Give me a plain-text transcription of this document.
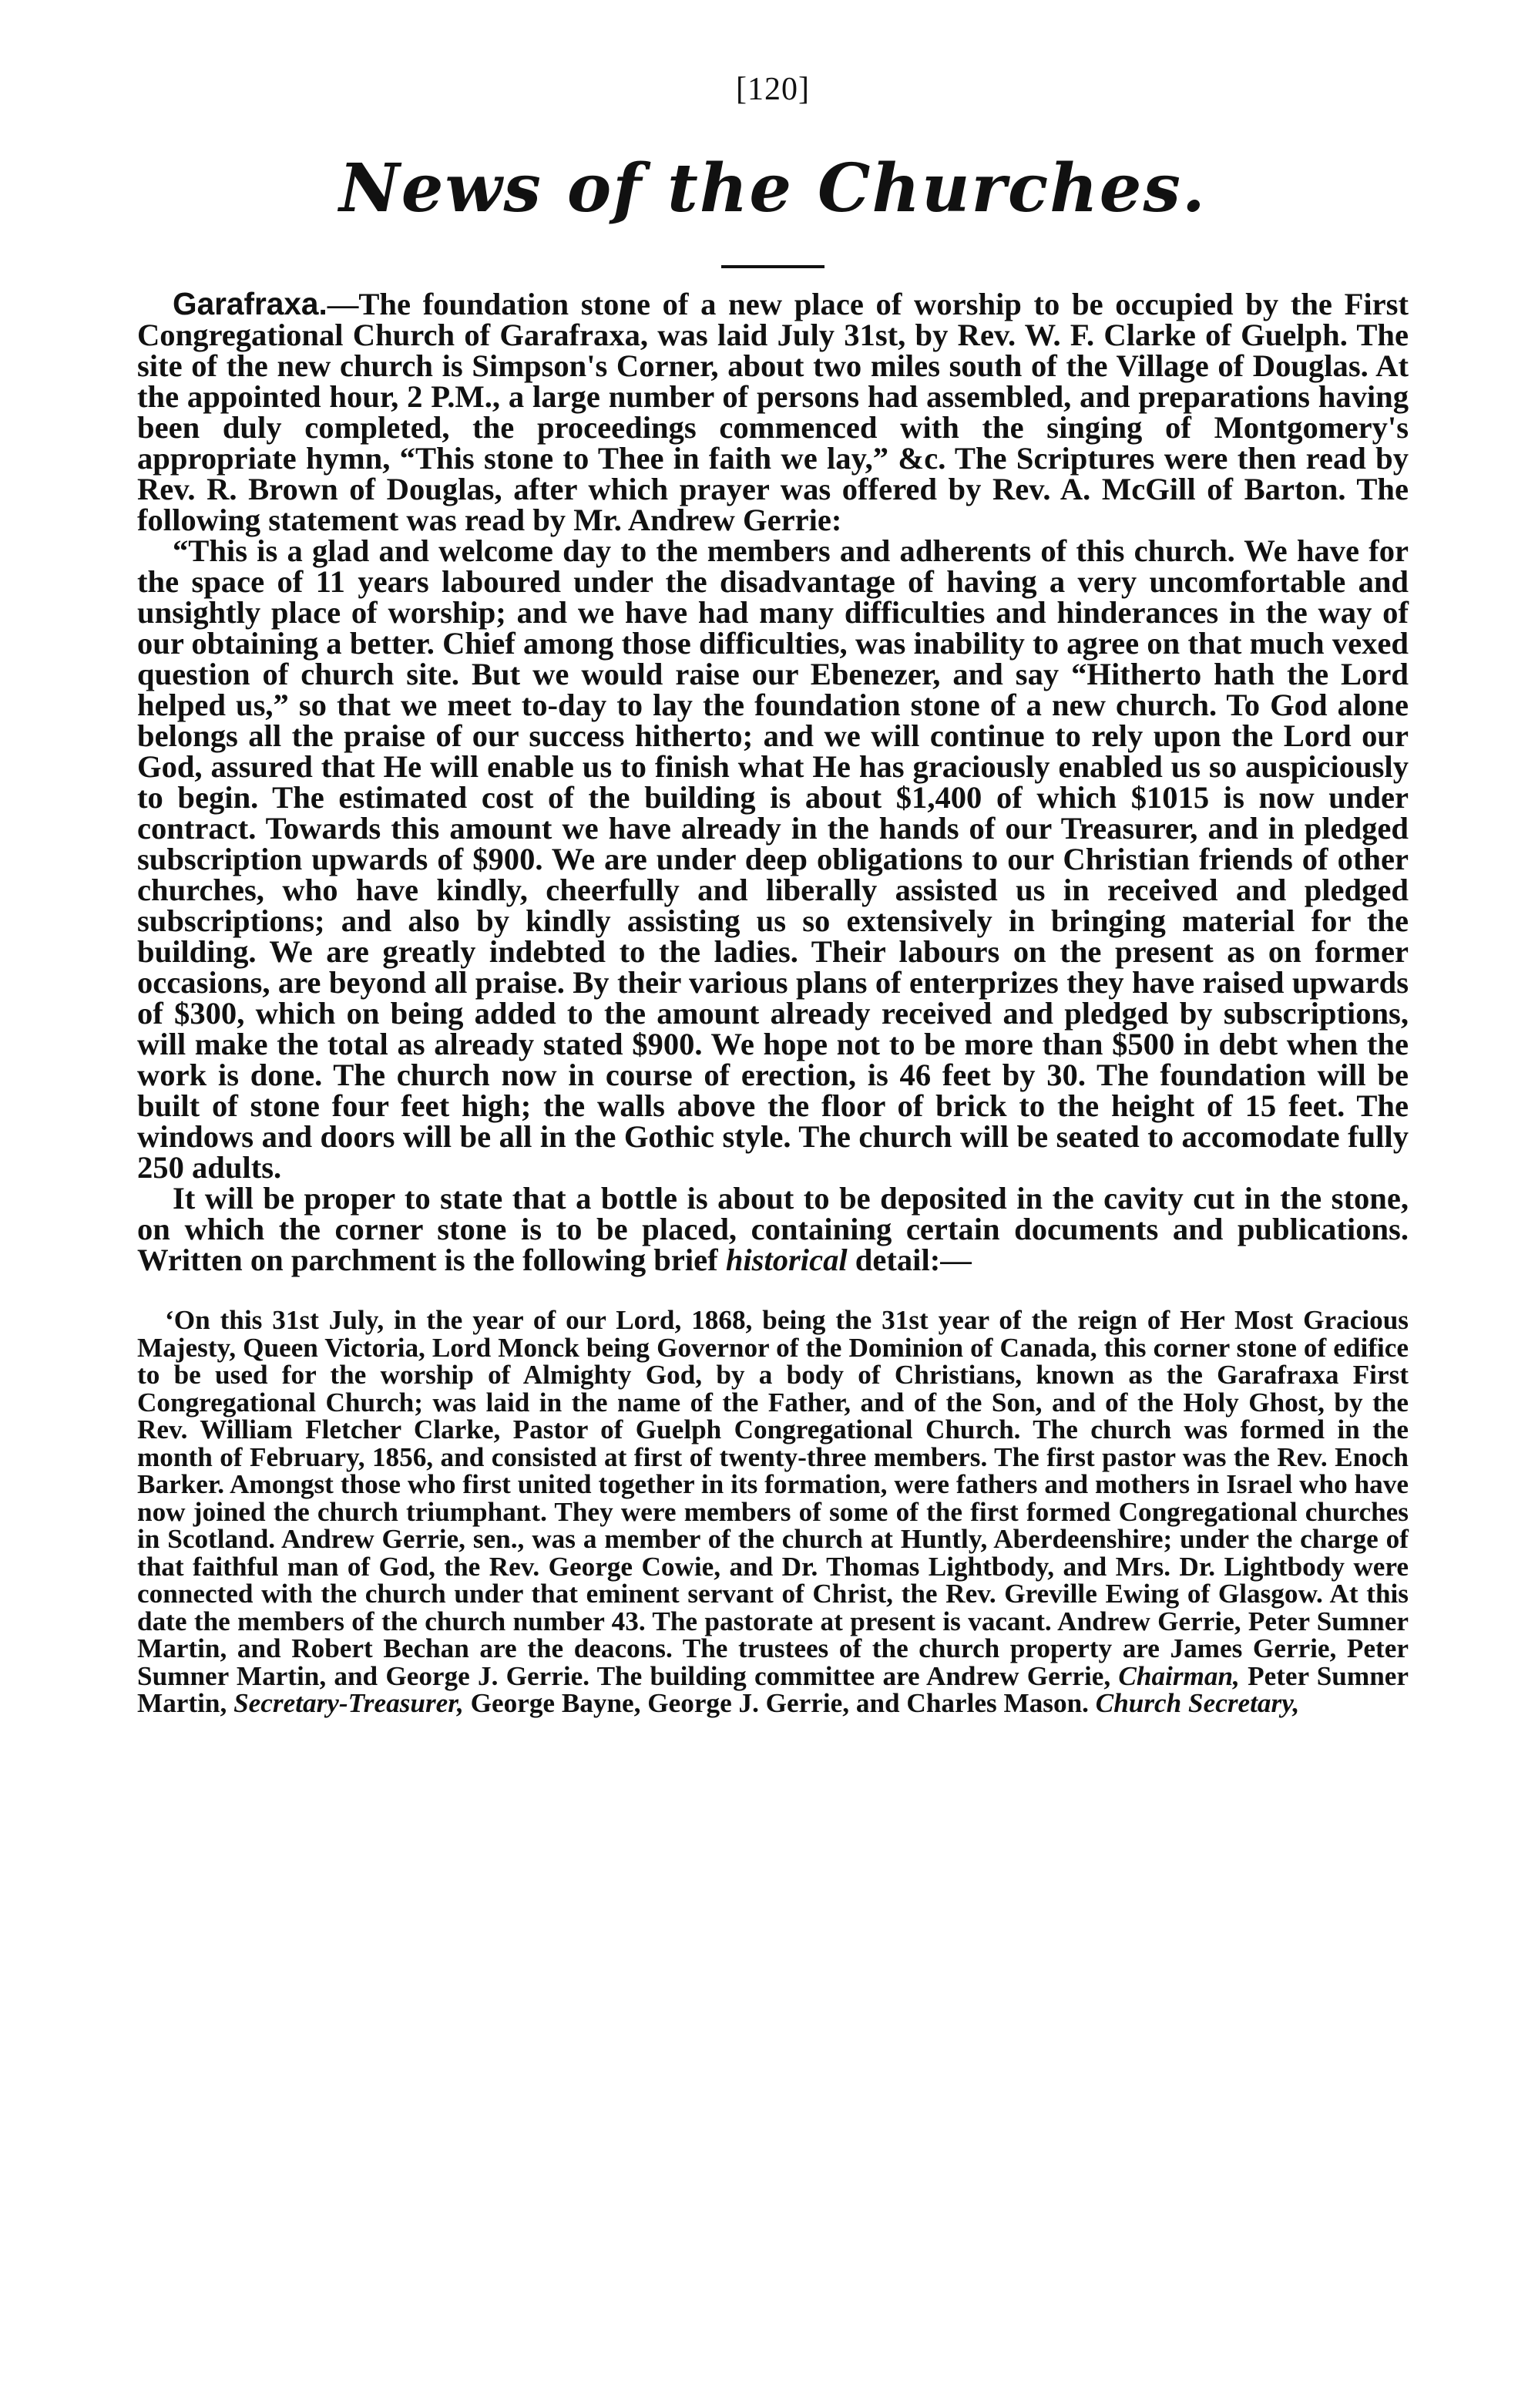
[120]
News of the Churches.

Garafraxa.—The foundation stone of a new place of worship to be occupied by the First Congregational Church of Garafraxa, was laid July 31st, by Rev. W. F. Clarke of Guelph. The site of the new church is Simpson's Corner, about two miles south of the Village of Douglas. At the appointed hour, 2 P.M., a large number of persons had assembled, and preparations having been duly completed, the proceedings commenced with the singing of Montgomery's appropriate hymn, “This stone to Thee in faith we lay,” &c. The Scriptures were then read by Rev. R. Brown of Douglas, after which prayer was offered by Rev. A. McGill of Barton. The following statement was read by Mr. Andrew Gerrie:

“This is a glad and welcome day to the members and adherents of this church. We have for the space of 11 years laboured under the disadvantage of having a very uncomfortable and unsightly place of worship; and we have had many difficulties and hinderances in the way of our obtaining a better. Chief among those difficulties, was inability to agree on that much vexed question of church site. But we would raise our Ebenezer, and say “Hitherto hath the Lord helped us,” so that we meet to-day to lay the foundation stone of a new church. To God alone belongs all the praise of our success hitherto; and we will continue to rely upon the Lord our God, assured that He will enable us to finish what He has graciously enabled us so auspiciously to begin. The estimated cost of the building is about $1,400 of which $1015 is now under contract. Towards this amount we have already in the hands of our Treasurer, and in pledged subscription upwards of $900. We are under deep obligations to our Christian friends of other churches, who have kindly, cheerfully and liberally assisted us in received and pledged subscriptions; and also by kindly assisting us so extensively in bringing material for the building. We are greatly indebted to the ladies. Their labours on the present as on former occasions, are beyond all praise. By their various plans of enterprizes they have raised upwards of $300, which on being added to the amount already received and pledged by subscriptions, will make the total as already stated $900. We hope not to be more than $500 in debt when the work is done. The church now in course of erection, is 46 feet by 30. The foundation will be built of stone four feet high; the walls above the floor of brick to the height of 15 feet. The windows and doors will be all in the Gothic style. The church will be seated to accomodate fully 250 adults.

It will be proper to state that a bottle is about to be deposited in the cavity cut in the stone, on which the corner stone is to be placed, containing certain documents and publications. Written on parchment is the following brief historical detail:—

‘On this 31st July, in the year of our Lord, 1868, being the 31st year of the reign of Her Most Gracious Majesty, Queen Victoria, Lord Monck being Governor of the Dominion of Canada, this corner stone of edifice to be used for the worship of Almighty God, by a body of Christians, known as the Garafraxa First Congregational Church; was laid in the name of the Father, and of the Son, and of the Holy Ghost, by the Rev. William Fletcher Clarke, Pastor of Guelph Congregational Church. The church was formed in the month of February, 1856, and consisted at first of twenty-three members. The first pastor was the Rev. Enoch Barker. Amongst those who first united together in its formation, were fathers and mothers in Israel who have now joined the church triumphant. They were members of some of the first formed Congregational churches in Scotland. Andrew Gerrie, sen., was a member of the church at Huntly, Aberdeenshire; under the charge of that faithful man of God, the Rev. George Cowie, and Dr. Thomas Lightbody, and Mrs. Dr. Lightbody were connected with the church under that eminent servant of Christ, the Rev. Greville Ewing of Glasgow. At this date the members of the church number 43. The pastorate at present is vacant. Andrew Gerrie, Peter Sumner Martin, and Robert Bechan are the deacons. The trustees of the church property are James Gerrie, Peter Sumner Martin, and George J. Gerrie. The building committee are Andrew Gerrie, Chairman, Peter Sumner Martin, Secretary-Treasurer, George Bayne, George J. Gerrie, and Charles Mason. Church Secretary,
